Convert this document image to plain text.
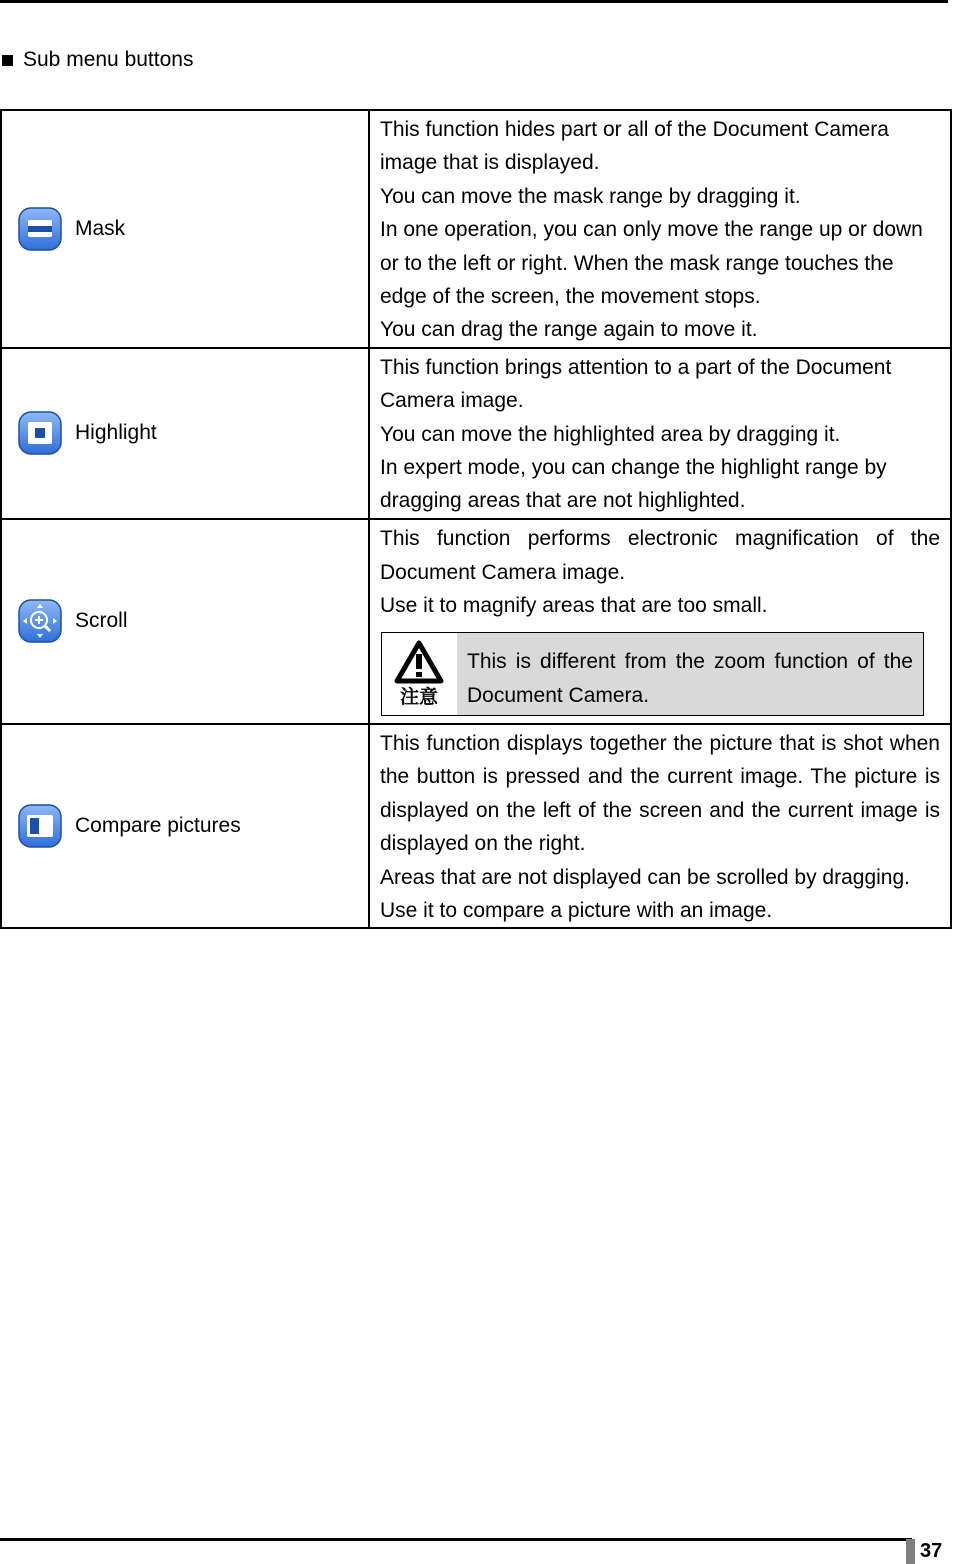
Sub menu buttons
Mask	This function hides part or all of the Document Camera image that is displayed.

You can move the mask range by dragging it.

In one operation, you can only move the range up or down or to the left or right. When the mask range touches the edge of the screen, the movement stops.

You can drag the range again to move it.

Highlight	This function brings attention to a part of the Document Camera image.

You can move the highlighted area by dragging it.

In expert mode, you can change the highlight range by dragging areas that are not highlighted.

Scroll	This function performs electronic magnification of the Document Camera image.

Use it to magnify areas that are too small.

注意
This is different from the zoom function of the Document Camera.

Compare pictures	This function displays together the picture that is shot when the button is pressed and the current image. The picture is displayed on the left of the screen and the current image is displayed on the right.

Areas that are not displayed can be scrolled by dragging.

Use it to compare a picture with an image.

37
